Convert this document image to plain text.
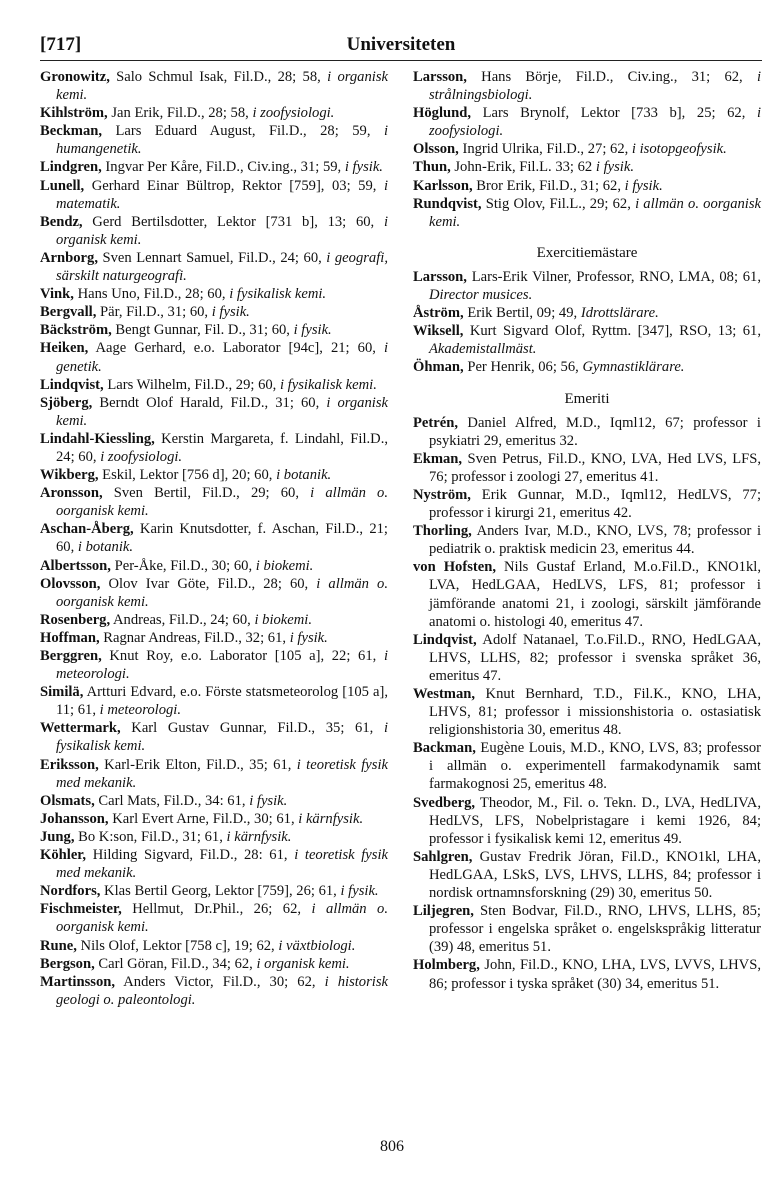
[717]	Universiteten

Gronowitz, Salo Schmul Isak, Fil.D., 28; 58, i organisk kemi.

Kihlström, Jan Erik, Fil.D., 28; 58, i zoofysiologi.

Beckman, Lars Eduard August, Fil.D., 28; 59, i humangenetik.

Lindgren, Ingvar Per Kåre, Fil.D., Civ.ing., 31; 59, i fysik.

Lunell, Gerhard Einar Bültrop, Rektor [759], 03; 59, i matematik.

Bendz, Gerd Bertilsdotter, Lektor [731 b], 13; 60, i organisk kemi.

Arnborg, Sven Lennart Samuel, Fil.D., 24; 60, i geografi, särskilt naturgeografi.

Vink, Hans Uno, Fil.D., 28; 60, i fysikalisk kemi.

Bergvall, Pär, Fil.D., 31; 60, i fysik.

Bäckström, Bengt Gunnar, Fil. D., 31; 60, i fysik.

Heiken, Aage Gerhard, e.o. Laborator [94c], 21; 60, i genetik.

Lindqvist, Lars Wilhelm, Fil.D., 29; 60, i fysikalisk kemi.

Sjöberg, Berndt Olof Harald, Fil.D., 31; 60, i organisk kemi.

Lindahl-Kiessling, Kerstin Margareta, f. Lindahl, Fil.D., 24; 60, i zoofysiologi.

Wikberg, Eskil, Lektor [756 d], 20; 60, i botanik.

Aronsson, Sven Bertil, Fil.D., 29; 60, i allmän o. oorganisk kemi.

Aschan-Åberg, Karin Knutsdotter, f. Aschan, Fil.D., 21; 60, i botanik.

Albertsson, Per-Åke, Fil.D., 30; 60, i biokemi.

Olovsson, Olov Ivar Göte, Fil.D., 28; 60, i allmän o. oorganisk kemi.

Rosenberg, Andreas, Fil.D., 24; 60, i biokemi.

Hoffman, Ragnar Andreas, Fil.D., 32; 61, i fysik.

Berggren, Knut Roy, e.o. Laborator [105 a], 22; 61, i meteorologi.

Similä, Artturi Edvard, e.o. Förste statsmeteorolog [105 a], 11; 61, i meteorologi.

Wettermark, Karl Gustav Gunnar, Fil.D., 35; 61, i fysikalisk kemi.

Eriksson, Karl-Erik Elton, Fil.D., 35; 61, i teoretisk fysik med mekanik.

Olsmats, Carl Mats, Fil.D., 34: 61, i fysik.

Johansson, Karl Evert Arne, Fil.D., 30; 61, i kärnfysik.

Jung, Bo K:son, Fil.D., 31; 61, i kärnfysik.

Köhler, Hilding Sigvard, Fil.D., 28: 61, i teoretisk fysik med mekanik.

Nordfors, Klas Bertil Georg, Lektor [759], 26; 61, i fysik.

Fischmeister, Hellmut, Dr.Phil., 26; 62, i allmän o. oorganisk kemi.

Rune, Nils Olof, Lektor [758 c], 19; 62, i växtbiologi.

Bergson, Carl Göran, Fil.D., 34; 62, i organisk kemi.

Martinsson, Anders Victor, Fil.D., 30; 62, i historisk geologi o. paleontologi.

Larsson, Hans Börje, Fil.D., Civ.ing., 31; 62, i strålningsbiologi.

Höglund, Lars Brynolf, Lektor [733 b], 25; 62, i zoofysiologi.

Olsson, Ingrid Ulrika, Fil.D., 27; 62, i isotopgeofysik.

Thun, John-Erik, Fil.L. 33; 62 i fysik.

Karlsson, Bror Erik, Fil.D., 31; 62, i fysik.

Rundqvist, Stig Olov, Fil.L., 29; 62, i allmän o. oorganisk kemi.

Exercitiemästare

Larsson, Lars-Erik Vilner, Professor, RNO, LMA, 08; 61, Director musices.

Åström, Erik Bertil, 09; 49, Idrottslärare.

Wiksell, Kurt Sigvard Olof, Ryttm. [347], RSO, 13; 61, Akademistallmäst.

Öhman, Per Henrik, 06; 56, Gymnastiklärare.

Emeriti

Petrén, Daniel Alfred, M.D., Iqml12, 67; professor i psykiatri 29, emeritus 32.

Ekman, Sven Petrus, Fil.D., KNO, LVA, Hed LVS, LFS, 76; professor i zoologi 27, emeritus 41.

Nyström, Erik Gunnar, M.D., Iqml12, HedLVS, 77; professor i kirurgi 21, emeritus 42.

Thorling, Anders Ivar, M.D., KNO, LVS, 78; professor i pediatrik o. praktisk medicin 23, emeritus 44.

von Hofsten, Nils Gustaf Erland, M.o.Fil.D., KNO1kl, LVA, HedLGAA, HedLVS, LFS, 81; professor i jämförande anatomi 21, i zoologi, särskilt jämförande anatomi o. histologi 40, emeritus 47.

Lindqvist, Adolf Natanael, T.o.Fil.D., RNO, HedLGAA, LHVS, LLHS, 82; professor i svenska språket 36, emeritus 47.

Westman, Knut Bernhard, T.D., Fil.K., KNO, LHA, LHVS, 81; professor i missionshistoria o. ostasiatisk religionshistoria 30, emeritus 48.

Backman, Eugène Louis, M.D., KNO, LVS, 83; professor i allmän o. experimentell farmakodynamik samt farmakognosi 25, emeritus 48.

Svedberg, Theodor, M., Fil. o. Tekn. D., LVA, HedLIVA, HedLVS, LFS, Nobelpristagare i kemi 1926, 84; professor i fysikalisk kemi 12, emeritus 49.

Sahlgren, Gustav Fredrik Jöran, Fil.D., KNO1kl, LHA, HedLGAA, LSkS, LVS, LHVS, LLHS, 84; professor i nordisk ortnamnsforskning (29) 30, emeritus 50.

Liljegren, Sten Bodvar, Fil.D., RNO, LHVS, LLHS, 85; professor i engelska språket o. engelskspråkig litteratur (39) 48, emeritus 51.

Holmberg, John, Fil.D., KNO, LHA, LVS, LVVS, LHVS, 86; professor i tyska språket (30) 34, emeritus 51.

806
